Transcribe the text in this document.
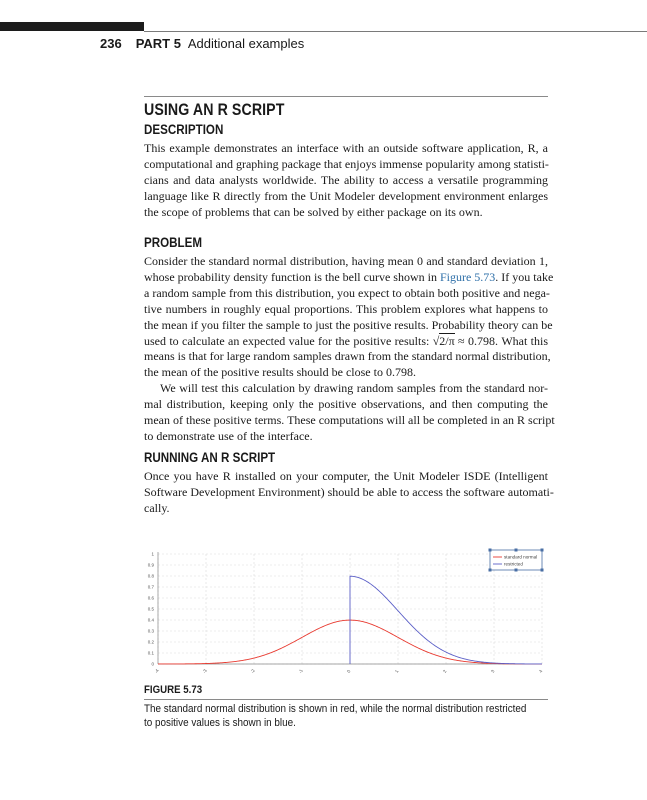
236 PART 5 Additional examples
USING AN R SCRIPT
DESCRIPTION
This example demonstrates an interface with an outside software application, R, a
computational and graphing package that enjoys immense popularity among statisti-
cians and data analysts worldwide. The ability to access a versatile programming
language like R directly from the Unit Modeler development environment enlarges
the scope of problems that can be solved by either package on its own.
PROBLEM
Consider the standard normal distribution, having mean 0 and standard deviation 1,
whose probability density function is the bell curve shown in Figure 5.73. If you take
a random sample from this distribution, you expect to obtain both positive and nega-
tive numbers in roughly equal proportions. This problem explores what happens to
the mean if you filter the sample to just the positive results. Probability theory can be
used to calculate an expected value for the positive results: √2/π ≈ 0.798. What this
means is that for large random samples drawn from the standard normal distribution,
the mean of the positive results should be close to 0.798.
We will test this calculation by drawing random samples from the standard nor-
mal distribution, keeping only the positive observations, and then computing the
mean of these positive terms. These computations will all be completed in an R script
to demonstrate use of the interface.
RUNNING AN R SCRIPT
Once you have R installed on your computer, the Unit Modeler ISDE (Intelligent
Software Development Environment) should be able to access the software automati-
cally.
0
0.1
0.2
0.3
0.4
0.5
0.6
0.7
0.8
0.9
1
-4	-3	-2	-1	0	1	2	3	4
standard normal
restricted
FIGURE 5.73
The standard normal distribution is shown in red, while the normal distribution restricted
to positive values is shown in blue.
